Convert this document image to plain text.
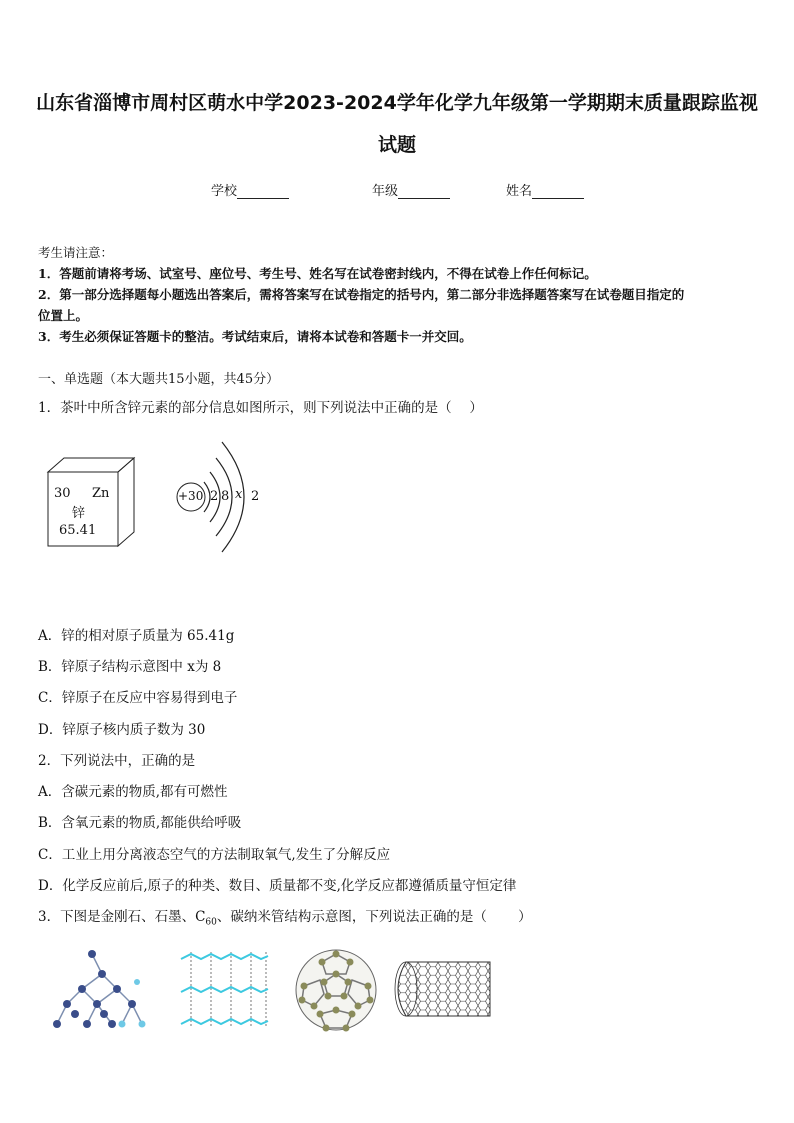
山东省淄博市周村区萌水中学2023-2024学年化学九年级第一学期期末质量跟踪监视
试题
学校	年级	姓名
考生请注意：
1．答题前请将考场、试室号、座位号、考生号、姓名写在试卷密封线内，不得在试卷上作任何标记。
2．第一部分选择题每小题选出答案后，需将答案写在试卷指定的括号内，第二部分非选择题答案写在试卷题目指定的
位置上。
3．考生必须保证答题卡的整洁。考试结束后，请将本试卷和答题卡一并交回。
一、单选题（本大题共15小题，共45分）
1．茶叶中所含锌元素的部分信息如图所示，则下列说法中正确的是（　 ）
30 Zn
锌
65.41
+30 2 8 x 2
A．锌的相对原子质量为 65.41g
B．锌原子结构示意图中 x为 8
C．锌原子在反应中容易得到电子
D．锌原子核内质子数为 30
2．下列说法中，正确的是
A．含碳元素的物质,都有可燃性
B．含氧元素的物质,都能供给呼吸
C．工业上用分离液态空气的方法制取氧气,发生了分解反应
D．化学反应前后,原子的种类、数目、质量都不变,化学反应都遵循质量守恒定律
3．下图是金刚石、石墨、$C_{60}$、碳纳米管结构示意图，下列说法正确的是（　　 ）
